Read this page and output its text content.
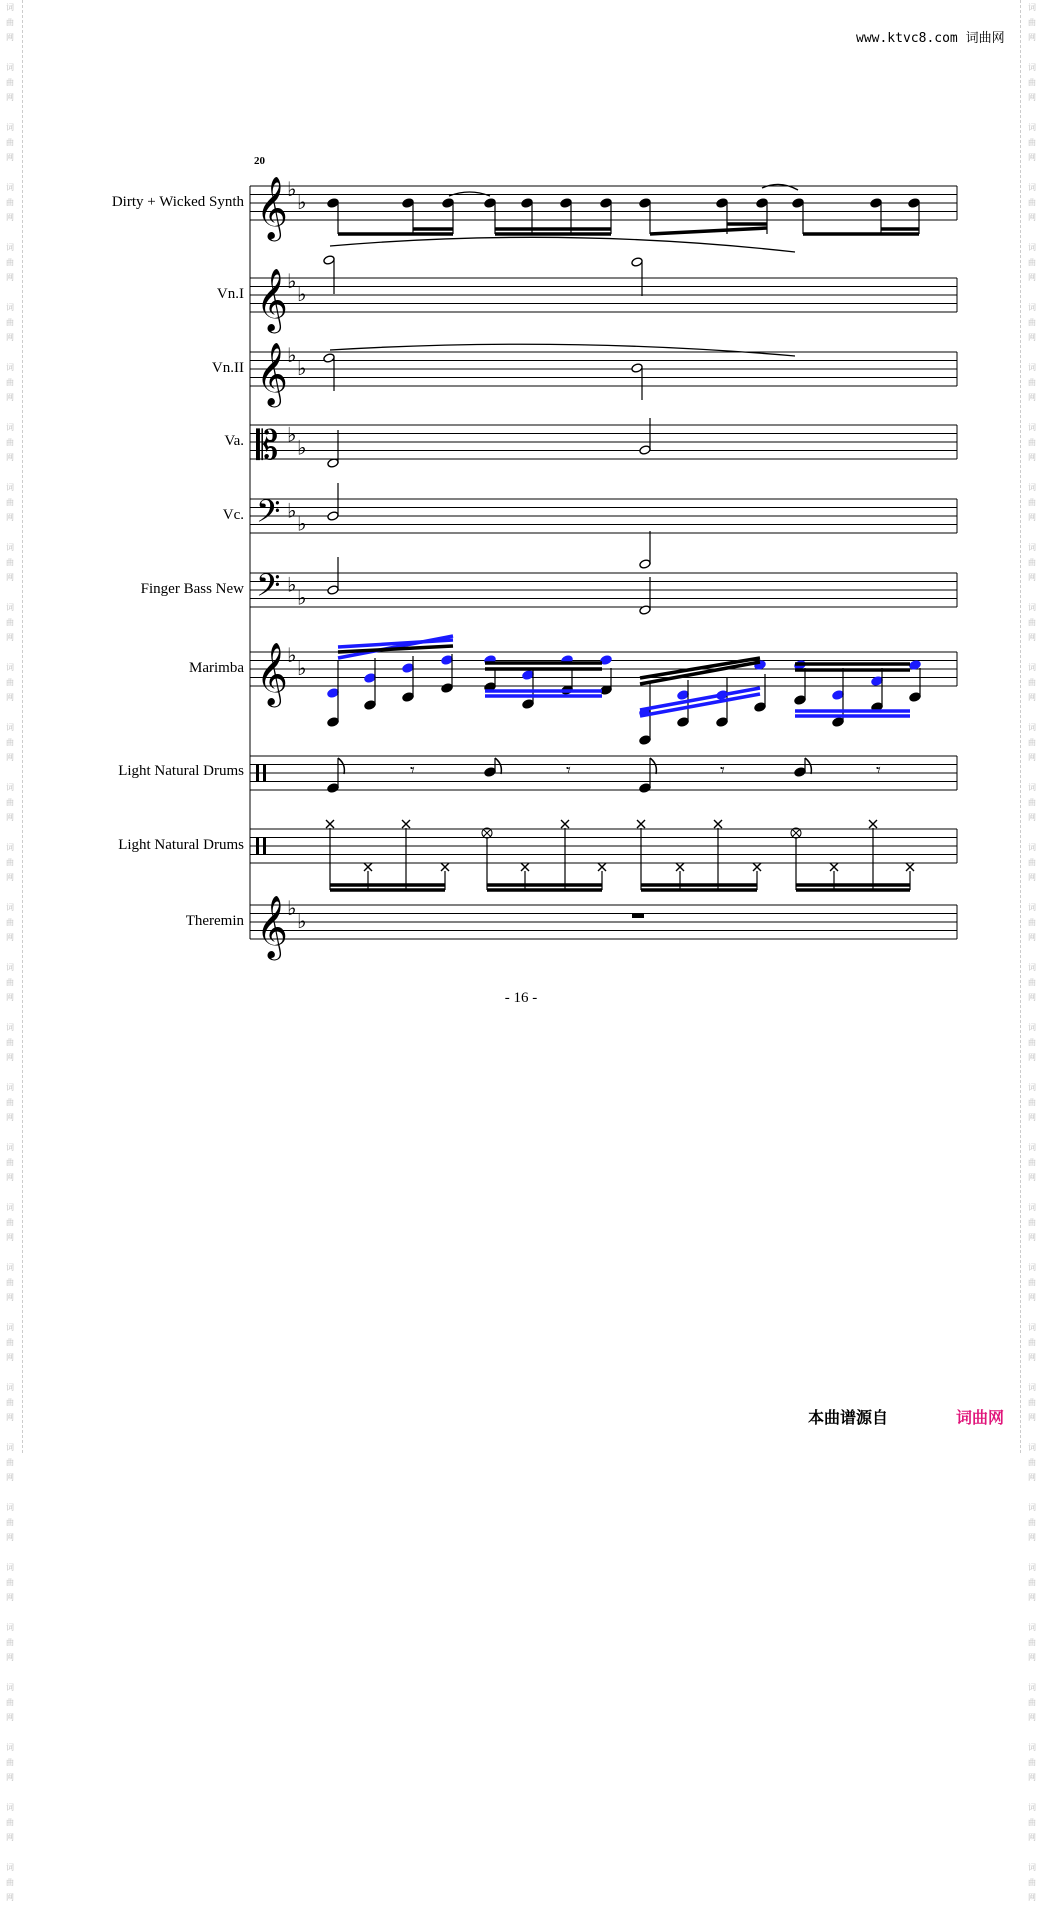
词
曲
网

词
曲
网

词
曲
网

词
曲
网

词
曲
网

词
曲
网

词
曲
网

词
曲
网

词
曲
网

词
曲
网

词
曲
网

词
曲
网

词
曲
网

词
曲
网

词
曲
网

词
曲
网

词
曲
网

词
曲
网

词
曲
网

词
曲
网

词
曲
网

词
曲
网

词
曲
网

词
曲
网

词
曲
网

词
曲
网

词
曲
网

词
曲
网

词
曲
网

词
曲
网

词
曲
网

词
曲
网

词
曲
网

词
曲
网

词
曲
网

词
曲
网

词
曲
网

词
曲
网

词
曲
网

词
曲
网

词
曲
网

词
曲
网

词
曲
网

词
曲
网

词
曲
网

词
曲
网

词
曲
网

词
曲
网

词
曲
网

词
曲
网

词
曲
网

词
曲
网

词
曲
网

词
曲
网

词
曲
网

词
曲
网

词
曲
网

词
曲
网

词
曲
网

词
曲
网

词
曲
网

词
曲
网

词
曲
网

词
曲
网

www.ktvc8.com 词曲网
20
Dirty + Wicked Synth
Vn.I
Vn.II
Va.
Vc.
Finger Bass New
Marimba
Light Natural Drums
Light Natural Drums
Theremin
𝄞 ♭
♭
𝄞 ♭
♭
𝄞 ♭
♭
𝄡 ♭
♭
𝄢 ♭
♭
𝄢 ♭
♭
𝄞 ♭
♭
𝄞 ♭
♭
𝄾	𝄾	𝄾	𝄾
- 16 -
本曲谱源自	词曲网
